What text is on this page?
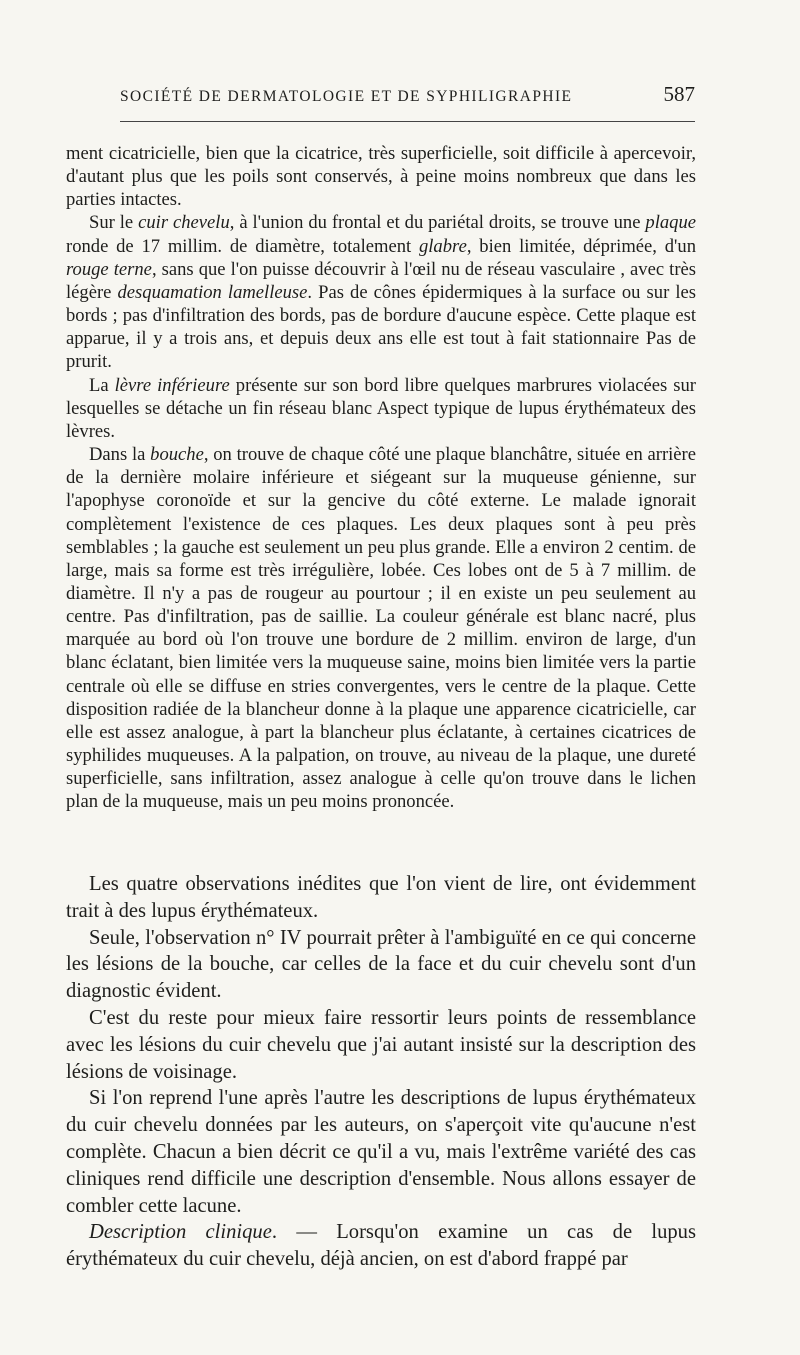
SOCIÉTÉ DE DERMATOLOGIE ET DE SYPHILIGRAPHIE	587

ment cicatricielle, bien que la cicatrice, très superficielle, soit difficile à apercevoir, d'autant plus que les poils sont conservés, à peine moins nombreux que dans les parties intactes.

Sur le cuir chevelu, à l'union du frontal et du pariétal droits, se trouve une plaque ronde de 17 millim. de diamètre, totalement glabre, bien limitée, déprimée, d'un rouge terne, sans que l'on puisse découvrir à l'œil nu de réseau vasculaire , avec très légère desquamation lamelleuse. Pas de cônes épidermiques à la surface ou sur les bords ; pas d'infiltration des bords, pas de bordure d'aucune espèce. Cette plaque est apparue, il y a trois ans, et depuis deux ans elle est tout à fait stationnaire Pas de prurit.

La lèvre inférieure présente sur son bord libre quelques marbrures violacées sur lesquelles se détache un fin réseau blanc Aspect typique de lupus érythémateux des lèvres.

Dans la bouche, on trouve de chaque côté une plaque blanchâtre, située en arrière de la dernière molaire inférieure et siégeant sur la muqueuse génienne, sur l'apophyse coronoïde et sur la gencive du côté externe. Le malade ignorait complètement l'existence de ces plaques. Les deux plaques sont à peu près semblables ; la gauche est seulement un peu plus grande. Elle a environ 2 centim. de large, mais sa forme est très irrégulière, lobée. Ces lobes ont de 5 à 7 millim. de diamètre. Il n'y a pas de rougeur au pourtour ; il en existe un peu seulement au centre. Pas d'infiltration, pas de saillie. La couleur générale est blanc nacré, plus marquée au bord où l'on trouve une bordure de 2 millim. environ de large, d'un blanc éclatant, bien limitée vers la muqueuse saine, moins bien limitée vers la partie centrale où elle se diffuse en stries convergentes, vers le centre de la plaque. Cette disposition radiée de la blancheur donne à la plaque une apparence cicatricielle, car elle est assez analogue, à part la blancheur plus éclatante, à certaines cicatrices de syphilides muqueuses. A la palpation, on trouve, au niveau de la plaque, une dureté superficielle, sans infiltration, assez analogue à celle qu'on trouve dans le lichen plan de la muqueuse, mais un peu moins prononcée.

Les quatre observations inédites que l'on vient de lire, ont évidemment trait à des lupus érythémateux.

Seule, l'observation n° IV pourrait prêter à l'ambiguïté en ce qui concerne les lésions de la bouche, car celles de la face et du cuir chevelu sont d'un diagnostic évident.

C'est du reste pour mieux faire ressortir leurs points de ressemblance avec les lésions du cuir chevelu que j'ai autant insisté sur la description des lésions de voisinage.

Si l'on reprend l'une après l'autre les descriptions de lupus érythémateux du cuir chevelu données par les auteurs, on s'aperçoit vite qu'aucune n'est complète. Chacun a bien décrit ce qu'il a vu, mais l'extrême variété des cas cliniques rend difficile une description d'ensemble. Nous allons essayer de combler cette lacune.

Description clinique. — Lorsqu'on examine un cas de lupus érythémateux du cuir chevelu, déjà ancien, on est d'abord frappé par
